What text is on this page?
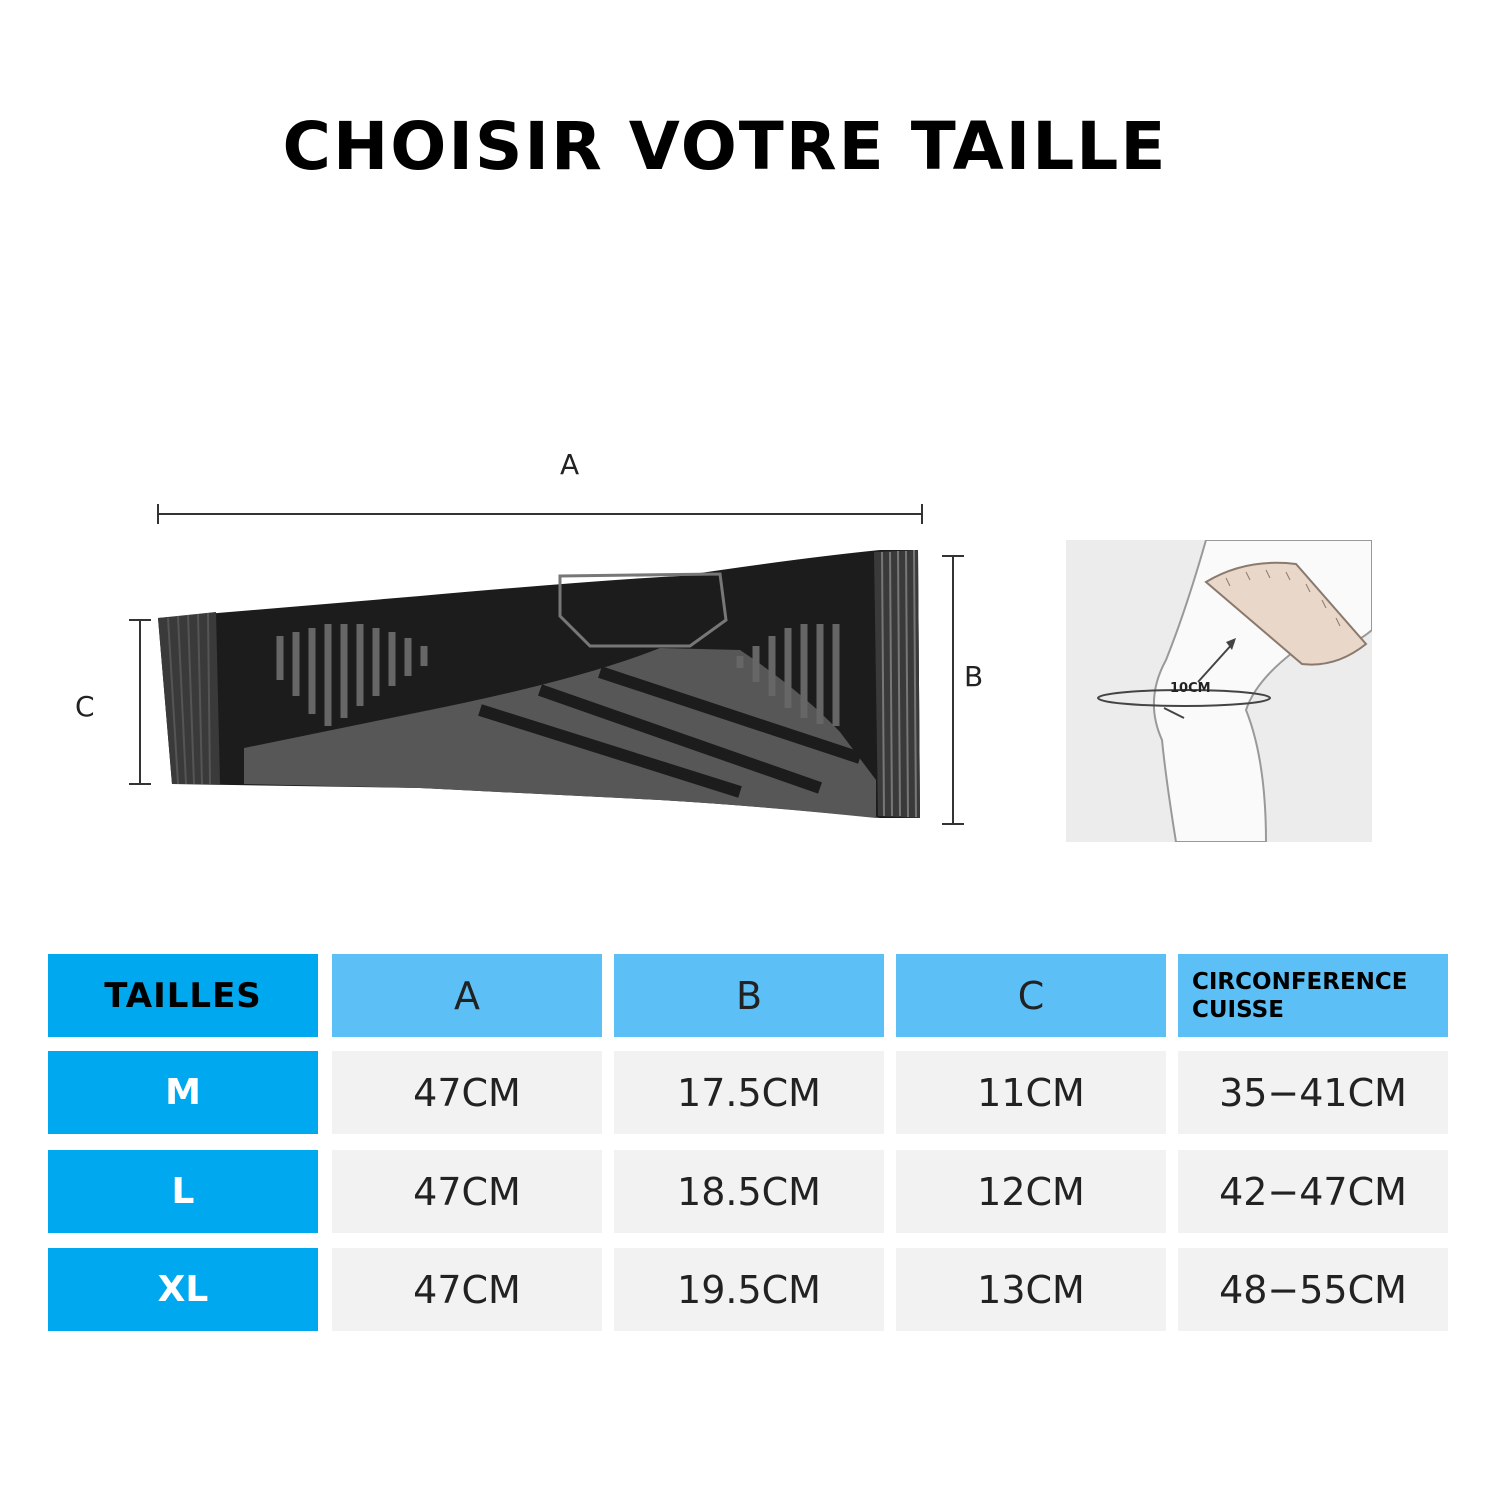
CHOISIR VOTRE TAILLE
A
B
C
10CM
TAILLES	A	B	C	CIRCONFERENCE CUISSE
M	47CM	17.5CM	11CM	35−41CM
L	47CM	18.5CM	12CM	42−47CM
XL	47CM	19.5CM	13CM	48−55CM
